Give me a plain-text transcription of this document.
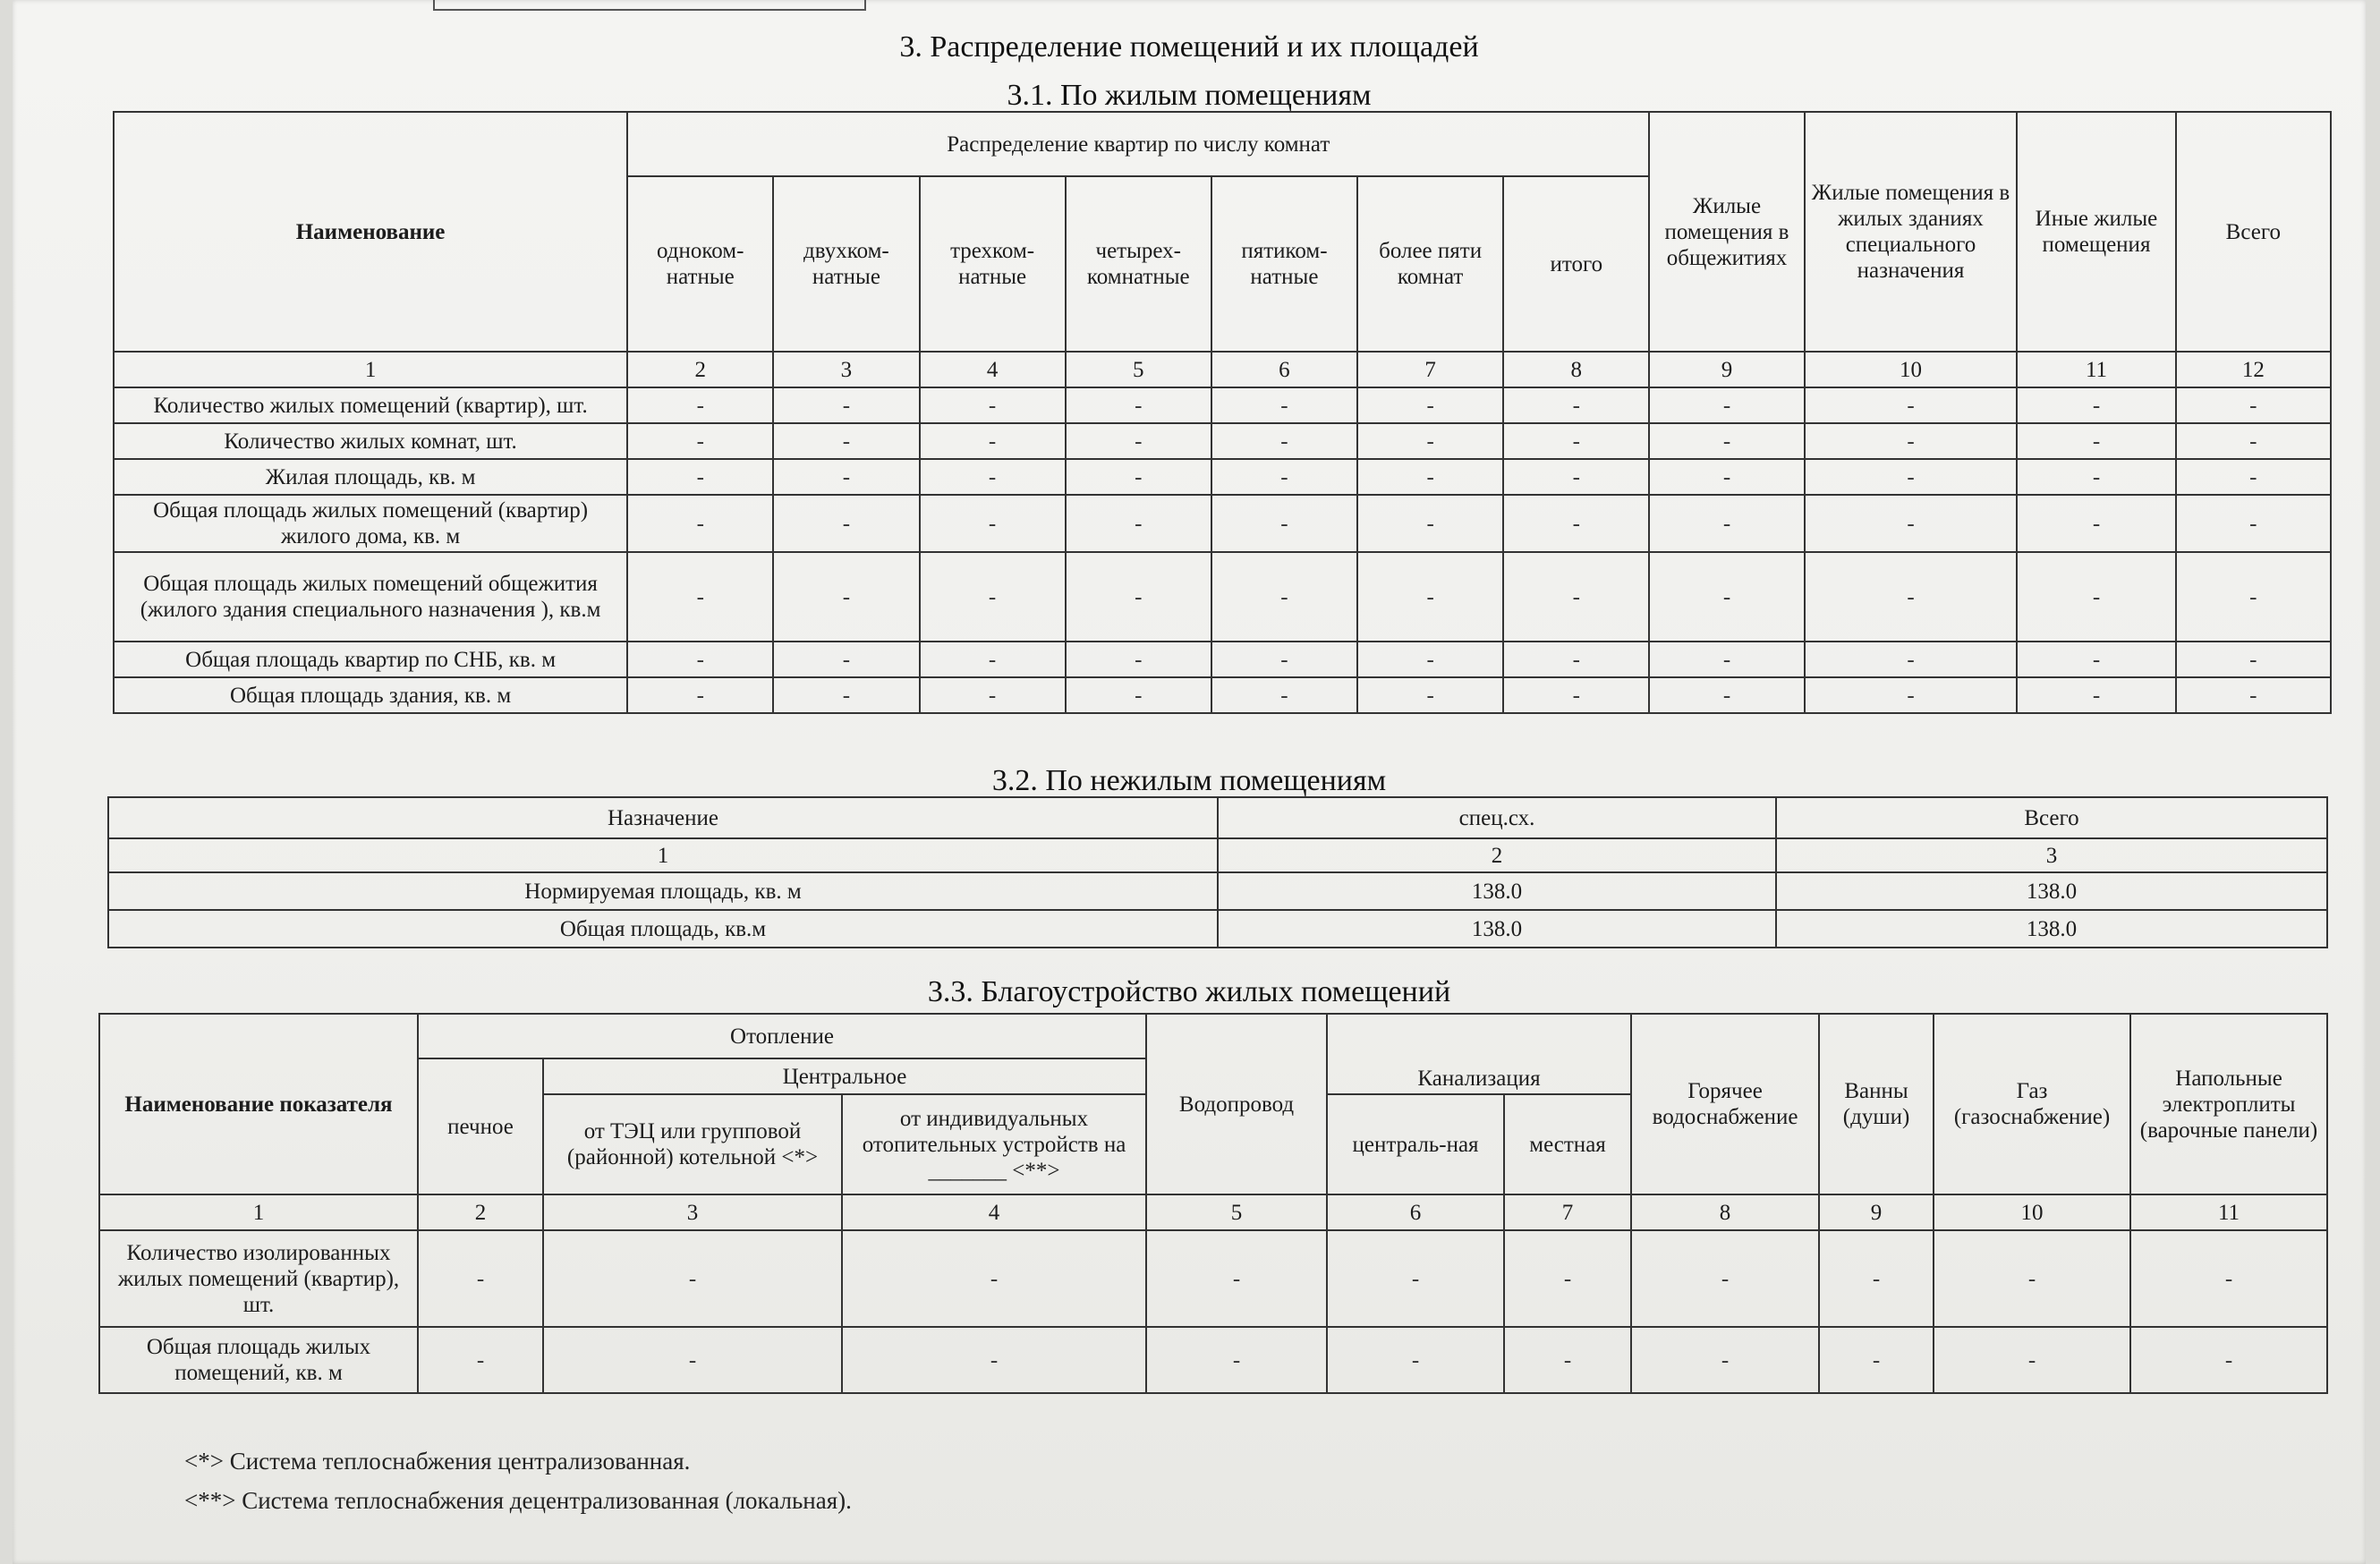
3. Распределение помещений и их площадей
3.1. По жилым помещениям
Наименование	Распределение квартир по числу комнат							Жилые помещения в общежитиях	Жилые помещения в жилых зданиях специального назначения	Иные жилые помещения	Всего
	одноком-натные	двухком-натные	трехком-натные	четырех-комнатные	пятиком-натные	более пяти комнат	итого				
1	2	3	4	5	6	7	8	9	10	11	12
Количество жилых помещений (квартир), шт.	-	-	-	-	-	-	-	-	-	-	-
Количество жилых комнат, шт.	-	-	-	-	-	-	-	-	-	-	-
Жилая площадь, кв. м	-	-	-	-	-	-	-	-	-	-	-
Общая площадь жилых помещений (квартир) жилого дома, кв. м	-	-	-	-	-	-	-	-	-	-	-
Общая площадь жилых помещений общежития (жилого здания специального назначения ), кв.м	-	-	-	-	-	-	-	-	-	-	-
Общая площадь квартир по СНБ, кв. м	-	-	-	-	-	-	-	-	-	-	-
Общая площадь здания, кв. м	-	-	-	-	-	-	-	-	-	-	-
3.2. По нежилым помещениям
Назначение	спец.сх.	Всего
1	2	3
Нормируемая площадь, кв. м	138.0	138.0
Общая площадь, кв.м	138.0	138.0
3.3. Благоустройство жилых помещений
Наименование показателя	Отопление			Водопровод	Канализация		Горячее водоснабжение	Ванны (души)	Газ (газоснабжение)	Напольные электроплиты (варочные панели)
	печное	Центральное								
		от ТЭЦ или групповой (районной) котельной <*>	от индивидуальных отопительных устройств на _______ <**>		централь-ная	местная				
1	2	3	4	5	6	7	8	9	10	11
Количество изолированных жилых помещений (квартир), шт.	-	-	-	-	-	-	-	-	-	-
Общая площадь жилых помещений, кв. м	-	-	-	-	-	-	-	-	-	-
<*> Система теплоснабжения централизованная.
<**> Система теплоснабжения децентрализованная (локальная).
